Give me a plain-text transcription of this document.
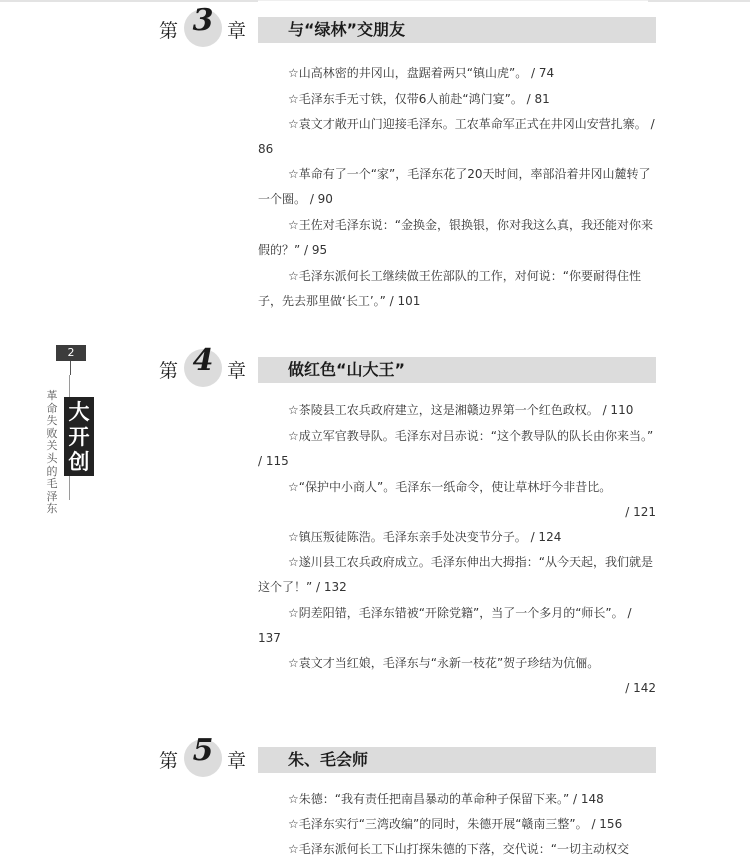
2
革命失败关头的毛泽东
大开创
第 3 章	与“绿林”交朋友
☆山高林密的井冈山，盘踞着两只“镇山虎”。 / 74
☆毛泽东手无寸铁，仅带6人前赴“鸿门宴”。 / 81
☆袁文才敞开山门迎接毛泽东。工农革命军正式在井冈山安营扎寨。 / 86
☆革命有了一个“家”，毛泽东花了20天时间，率部沿着井冈山麓转了一个圈。 / 90
☆王佐对毛泽东说：“金换金，银换银，你对我这么真，我还能对你来假的？” / 95
☆毛泽东派何长工继续做王佐部队的工作，对何说：“你要耐得住性子，先去那里做‘长工’。” / 101
第 4 章	做红色“山大王”
☆茶陵县工农兵政府建立，这是湘赣边界第一个红色政权。 / 110
☆成立军官教导队。毛泽东对吕赤说：“这个教导队的队长由你来当。” / 115
☆“保护中小商人”。毛泽东一纸命令，使让草林圩今非昔比。
/ 121
☆镇压叛徒陈浩。毛泽东亲手处决变节分子。 / 124
☆遂川县工农兵政府成立。毛泽东伸出大拇指：“从今天起，我们就是这个了！” / 132
☆阴差阳错，毛泽东错被“开除党籍”，当了一个多月的“师长”。 / 137
☆袁文才当红娘，毛泽东与“永新一枝花”贺子珍结为伉俪。
/ 142
第 5 章	朱、毛会师
☆朱德：“我有责任把南昌暴动的革命种子保留下来。” / 148
☆毛泽东实行“三湾改编”的同时，朱德开展“赣南三整”。 / 156
☆毛泽东派何长工下山打探朱德的下落，交代说：“一切主动权交
